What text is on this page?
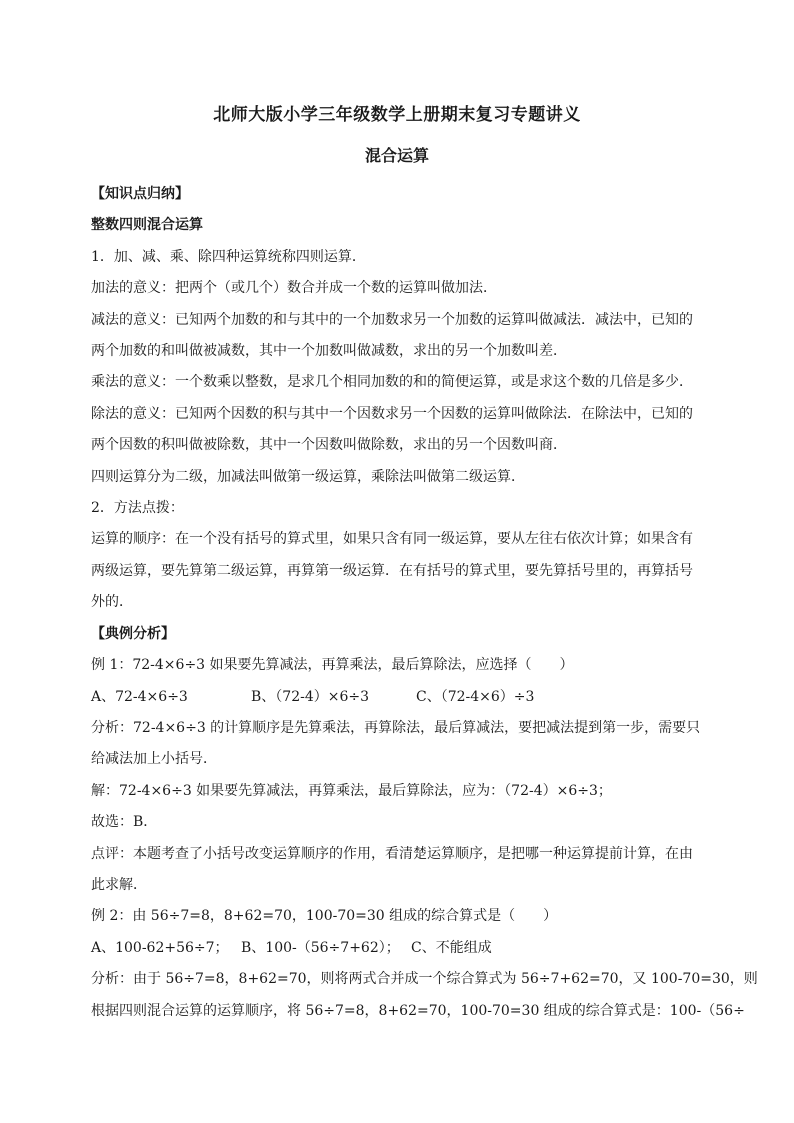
北师大版小学三年级数学上册期末复习专题讲义
混合运算

【知识点归纳】

整数四则混合运算

1．加、减、乘、除四种运算统称四则运算．

加法的意义：把两个（或几个）数合并成一个数的运算叫做加法．

减法的意义：已知两个加数的和与其中的一个加数求另一个加数的运算叫做减法．减法中，已知的

两个加数的和叫做被减数，其中一个加数叫做减数，求出的另一个加数叫差．

乘法的意义：一个数乘以整数，是求几个相同加数的和的简便运算，或是求这个数的几倍是多少．

除法的意义：已知两个因数的积与其中一个因数求另一个因数的运算叫做除法．在除法中，已知的

两个因数的积叫做被除数，其中一个因数叫做除数，求出的另一个因数叫商．

四则运算分为二级，加减法叫做第一级运算，乘除法叫做第二级运算．

2．方法点拨：

运算的顺序：在一个没有括号的算式里，如果只含有同一级运算，要从左往右依次计算；如果含有

两级运算，要先算第二级运算，再算第一级运算．在有括号的算式里，要先算括号里的，再算括号

外的．

【典例分析】

例 1：72-4×6÷3 如果要先算减法，再算乘法，最后算除法，应选择（　　）

A、72-4×6÷3	B、（72-4）×6÷3	C、（72-4×6）÷3

分析：72-4×6÷3 的计算顺序是先算乘法，再算除法，最后算减法，要把减法提到第一步，需要只

给减法加上小括号．

解：72-4×6÷3 如果要先算减法，再算乘法，最后算除法，应为：（72-4）×6÷3；

故选：B．

点评：本题考查了小括号改变运算顺序的作用，看清楚运算顺序，是把哪一种运算提前计算，在由

此求解．

例 2：由 56÷7=8，8+62=70，100-70=30 组成的综合算式是（　　）

A、100-62+56÷7； B、100-（56÷7+62）； C、不能组成

分析：由于 56÷7=8，8+62=70，则将两式合并成一个综合算式为 56÷7+62=70，又 100-70=30，则

根据四则混合运算的运算顺序，将 56÷7=8，8+62=70，100-70=30 组成的综合算式是：100-（56÷
